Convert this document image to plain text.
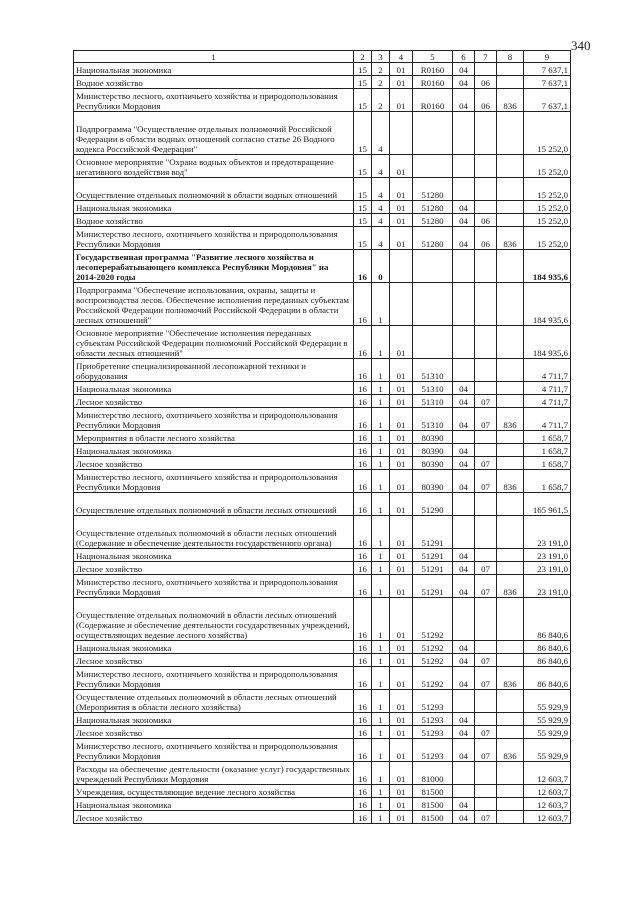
340
1	2	3	4	5	6	7	8	9
Национальная экономика	15	2	01	R0160	04			7 637,1
Водное хозяйство	15	2	01	R0160	04	06		7 637,1
Министерство лесного, охотничьего хозяйства и природопользования Республики Мордовия	15	2	01	R0160	04	06	836	7 637,1
Подпрограмма "Осуществление отдельных полномочий Российской Федерации в области водных отношений согласно статье 26 Водного кодекса Российской Федерации"	15	4						15 252,0
Основное мероприятие "Охрана водных объектов и предотвращение негативного воздействия вод"	15	4	01					15 252,0
Осуществление отдельных полномочий в области водных отношений	15	4	01	51280				15 252,0
Национальная экономика	15	4	01	51280	04			15 252,0
Водное хозяйство	15	4	01	51280	04	06		15 252,0
Министерство лесного, охотничьего хозяйства и природопользования Республики Мордовия	15	4	01	51280	04	06	836	15 252,0
Государственная программа "Развитие лесного хозяйства и лесоперерабатывающего комплекса Республики Мордовия" на 2014-2020 годы	16	0						184 935,6
Подпрограмма "Обеспечение использования, охраны, защиты и воспроизводства лесов. Обеспечение исполнения переданных субъектам Российской Федерации полномочий Российской Федерации в области лесных отношений"	16	1						184 935,6
Основное мероприятие "Обеспечение исполнения переданных субъектам Российской Федерации полномочий Российской Федерации в области лесных отношений"	16	1	01					184 935,6
Приобретение специализированной лесопожарной техники и оборудования	16	1	01	51310				4 711,7
Национальная экономика	16	1	01	51310	04			4 711,7
Лесное хозяйство	16	1	01	51310	04	07		4 711,7
Министерство лесного, охотничьего хозяйства и природопользования Республики Мордовия	16	1	01	51310	04	07	836	4 711,7
Мероприятия в области лесного хозяйства	16	1	01	80390				1 658,7
Национальная экономика	16	1	01	80390	04			1 658,7
Лесное хозяйство	16	1	01	80390	04	07		1 658,7
Министерство лесного, охотничьего хозяйства и природопользования Республики Мордовия	16	1	01	80390	04	07	836	1 658,7
Осуществление отдельных полномочий в области лесных отношений	16	1	01	51290				165 961,5
Осуществление отдельных полномочий в области лесных отношений (Содержание и обеспечение деятельности государственного органа)	16	1	01	51291				23 191,0
Национальная экономика	16	1	01	51291	04			23 191,0
Лесное хозяйство	16	1	01	51291	04	07		23 191,0
Министерство лесного, охотничьего хозяйства и природопользования Республики Мордовия	16	1	01	51291	04	07	836	23 191,0
Осуществление отдельных полномочий в области лесных отношений (Содержание и обеспечение деятельности государственных учреждений, осуществляющих ведение лесного хозяйства)	16	1	01	51292				86 840,6
Национальная экономика	16	1	01	51292	04			86 840,6
Лесное хозяйство	16	1	01	51292	04	07		86 840,6
Министерство лесного, охотничьего хозяйства и природопользования Республики Мордовия	16	1	01	51292	04	07	836	86 840,6
Осуществление отдельных полномочий в области лесных отношений (Мероприятия в области лесного хозяйства)	16	1	01	51293				55 929,9
Национальная экономика	16	1	01	51293	04			55 929,9
Лесное хозяйство	16	1	01	51293	04	07		55 929,9
Министерство лесного, охотничьего хозяйства и природопользования Республики Мордовия	16	1	01	51293	04	07	836	55 929,9
Расходы на обеспечение деятельности (оказание услуг) государственных учреждений Республики Мордовия	16	1	01	81000				12 603,7
Учреждения, осуществляющие ведение лесного хозяйства	16	1	01	81500				12 603,7
Национальная экономика	16	1	01	81500	04			12 603,7
Лесное хозяйство	16	1	01	81500	04	07		12 603,7
